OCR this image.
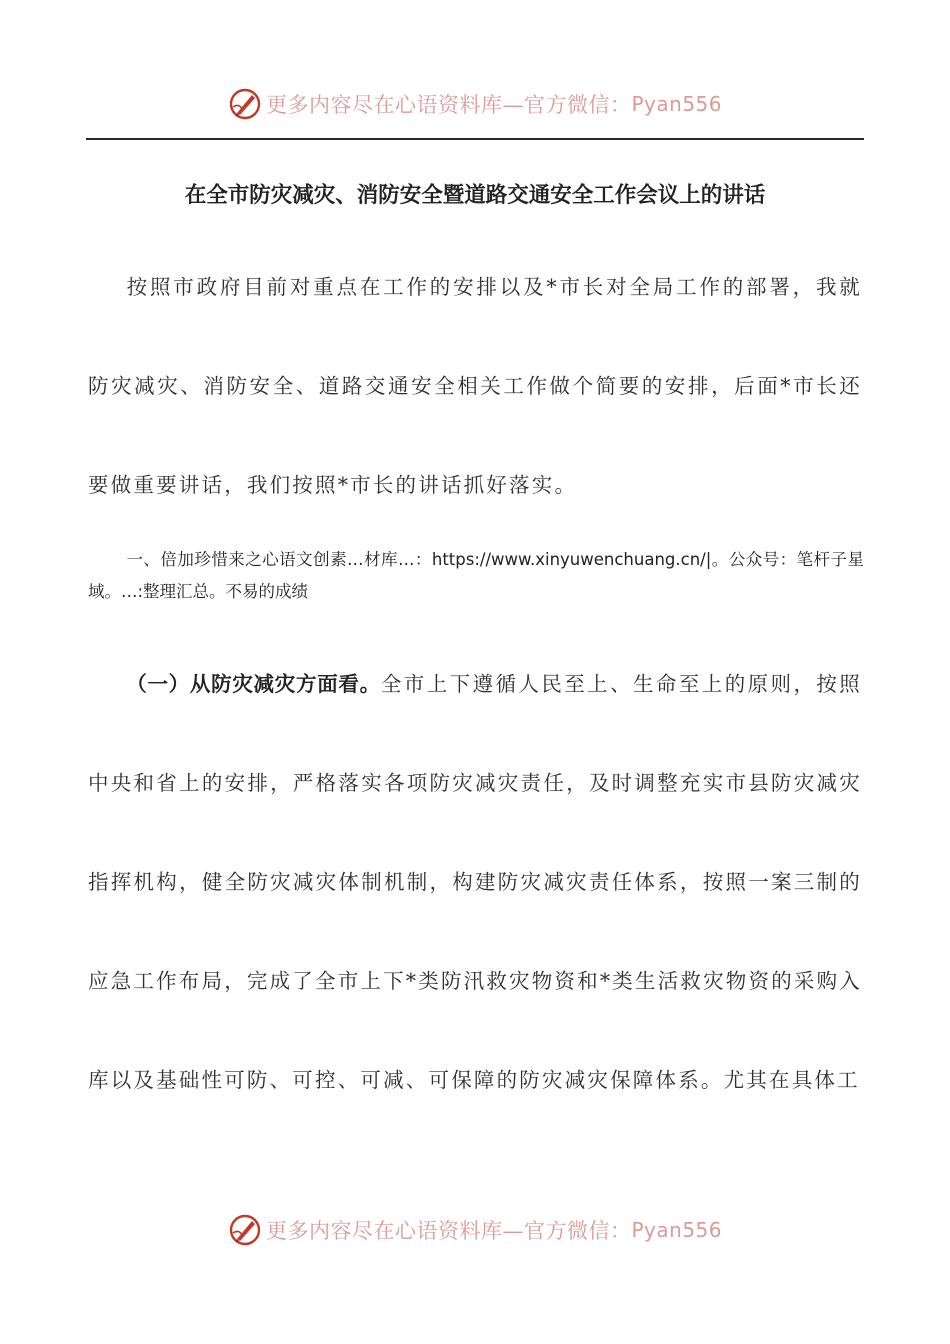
更多内容尽在心语资料库—官方微信： Pyan556
在全市防灾减灾、消防安全暨道路交通安全工作会议上的讲话

按照市政府目前对重点在工作的安排以及*市长对全局工作的部署，我就防灾减灾、消防安全、道路交通安全相关工作做个简要的安排，后面*市长还要做重要讲话，我们按照*市长的讲话抓好落实。

一、倍加珍惜来之心语文创素…材库…：https://www.xinyuwenchuang.cn/|。公众号：笔杆子星域。…:整理汇总。不易的成绩

（一）从防灾减灾方面看。全市上下遵循人民至上、生命至上的原则，按照中央和省上的安排，严格落实各项防灾减灾责任，及时调整充实市县防灾减灾指挥机构，健全防灾减灾体制机制，构建防灾减灾责任体系，按照一案三制的应急工作布局，完成了全市上下*类防汛救灾物资和*类生活救灾物资的采购入库以及基础性可防、可控、可减、可保障的防灾减灾保障体系。尤其在具体工

更多内容尽在心语资料库—官方微信： Pyan556
